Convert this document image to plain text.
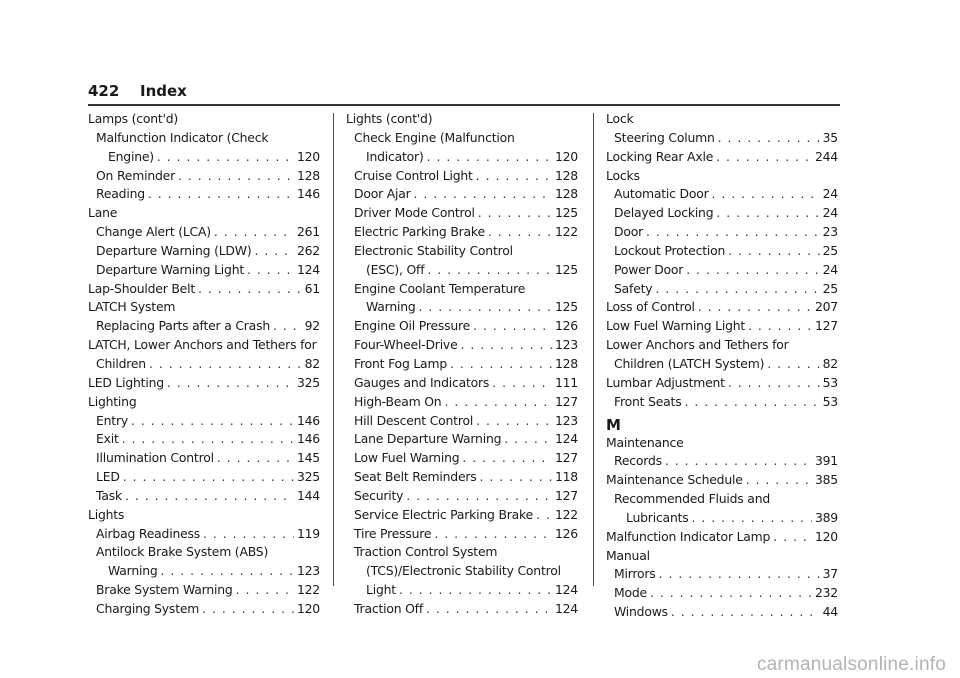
422 Index
Lamps (cont'd)
Malfunction Indicator (Check
Engine) . . .	120
On Reminder . . .	128
Reading . . .	146
Lane
Change Alert (LCA) . . .	261
Departure Warning (LDW) . . .	262
Departure Warning Light . . .	124
Lap-Shoulder Belt . . .	61
LATCH System
Replacing Parts after a Crash . . .	92
LATCH, Lower Anchors and Tethers for
Children . . .	82
LED Lighting . . .	325
Lighting
Entry . . .	146
Exit . . .	146
Illumination Control . . .	145
LED . . .	325
Task . . .	144
Lights
Airbag Readiness . . .	119
Antilock Brake System (ABS)
Warning . . .	123
Brake System Warning . . .	122
Charging System . . .	120
Lights (cont'd)
Check Engine (Malfunction
Indicator) . . .	120
Cruise Control Light . . .	128
Door Ajar . . .	128
Driver Mode Control . . .	125
Electric Parking Brake . . .	122
Electronic Stability Control
(ESC), Off . . .	125
Engine Coolant Temperature
Warning . . .	125
Engine Oil Pressure . . .	126
Four-Wheel-Drive . . .	123
Front Fog Lamp . . .	128
Gauges and Indicators . . .	111
High-Beam On . . .	127
Hill Descent Control . . .	123
Lane Departure Warning . . .	124
Low Fuel Warning . . .	127
Seat Belt Reminders . . .	118
Security . . .	127
Service Electric Parking Brake . . . 122
Tire Pressure . . .	126
Traction Control System
(TCS)/Electronic Stability Control
Light . . .	124
Traction Off . . .	124
Lock
Steering Column . . .	35
Locking Rear Axle . . .	244
Locks
Automatic Door . . .	24
Delayed Locking . . .	24
Door . . .	23
Lockout Protection . . .	25
Power Door . . .	24
Safety . . .	25
Loss of Control . . .	207
Low Fuel Warning Light . . .	127
Lower Anchors and Tethers for
Children (LATCH System) . . .	82
Lumbar Adjustment . . .	53
Front Seats . . .	53
M
Maintenance
Records . . .	391
Maintenance Schedule . . .	385
Recommended Fluids and
Lubricants . . .	389
Malfunction Indicator Lamp . . .	120
Manual
Mirrors . . .	37
Mode . . .	232
Windows . . .	44
carmanualsonline.info
